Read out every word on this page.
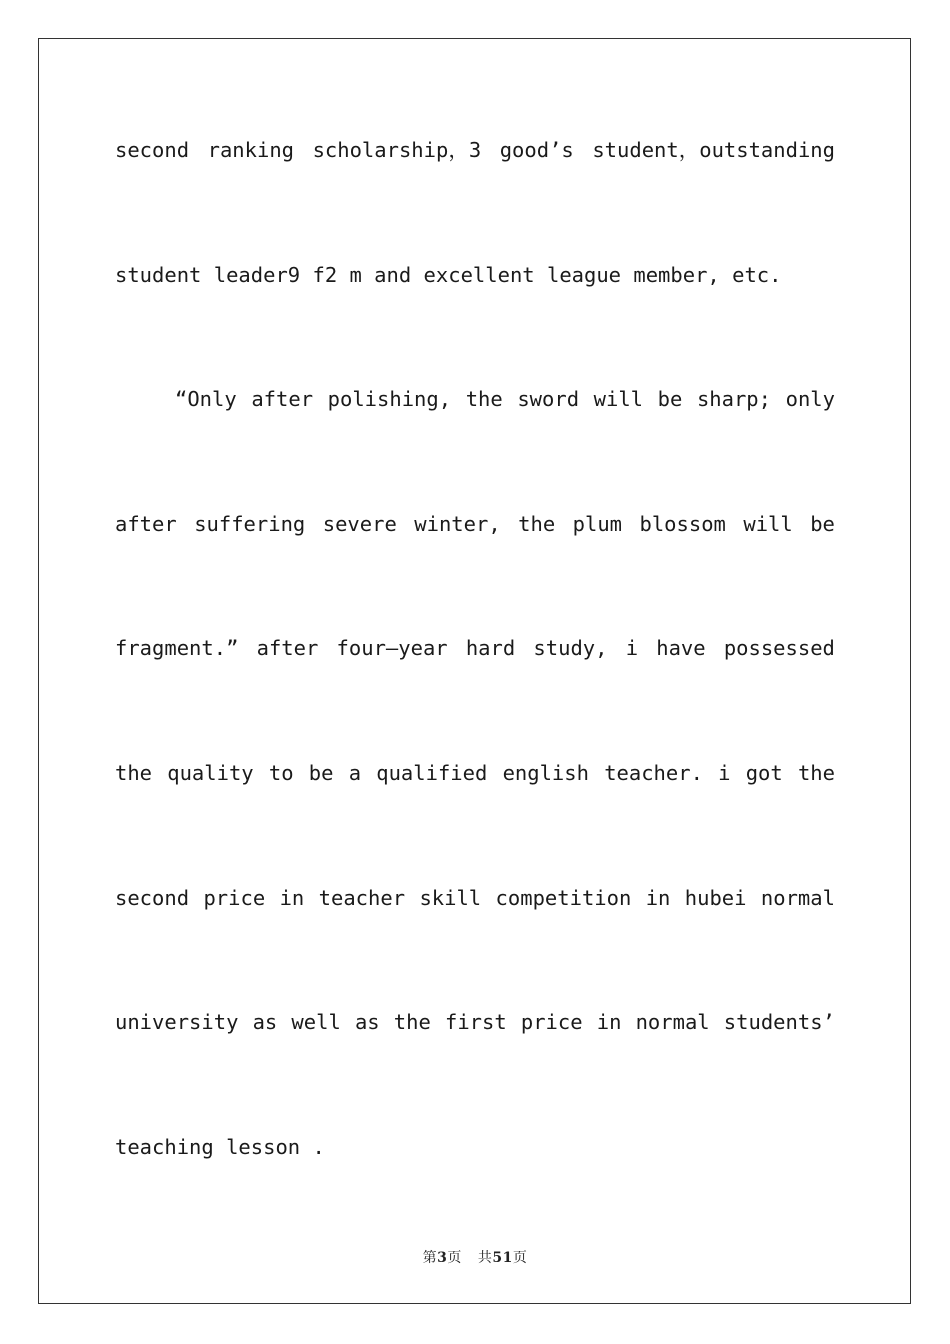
second ranking scholarship，3 good’s student，outstanding
student leader9 f2 m and excellent league member, etc.
“Only after polishing, the sword will be sharp; only
after suffering severe winter, the plum blossom will be
fragment.” after four—year hard study, i have possessed
the quality to be a qualified english teacher. i got the
second price in teacher skill competition in hubei normal
university as well as the first price in normal students’
teaching lesson .
第3页 共51页
